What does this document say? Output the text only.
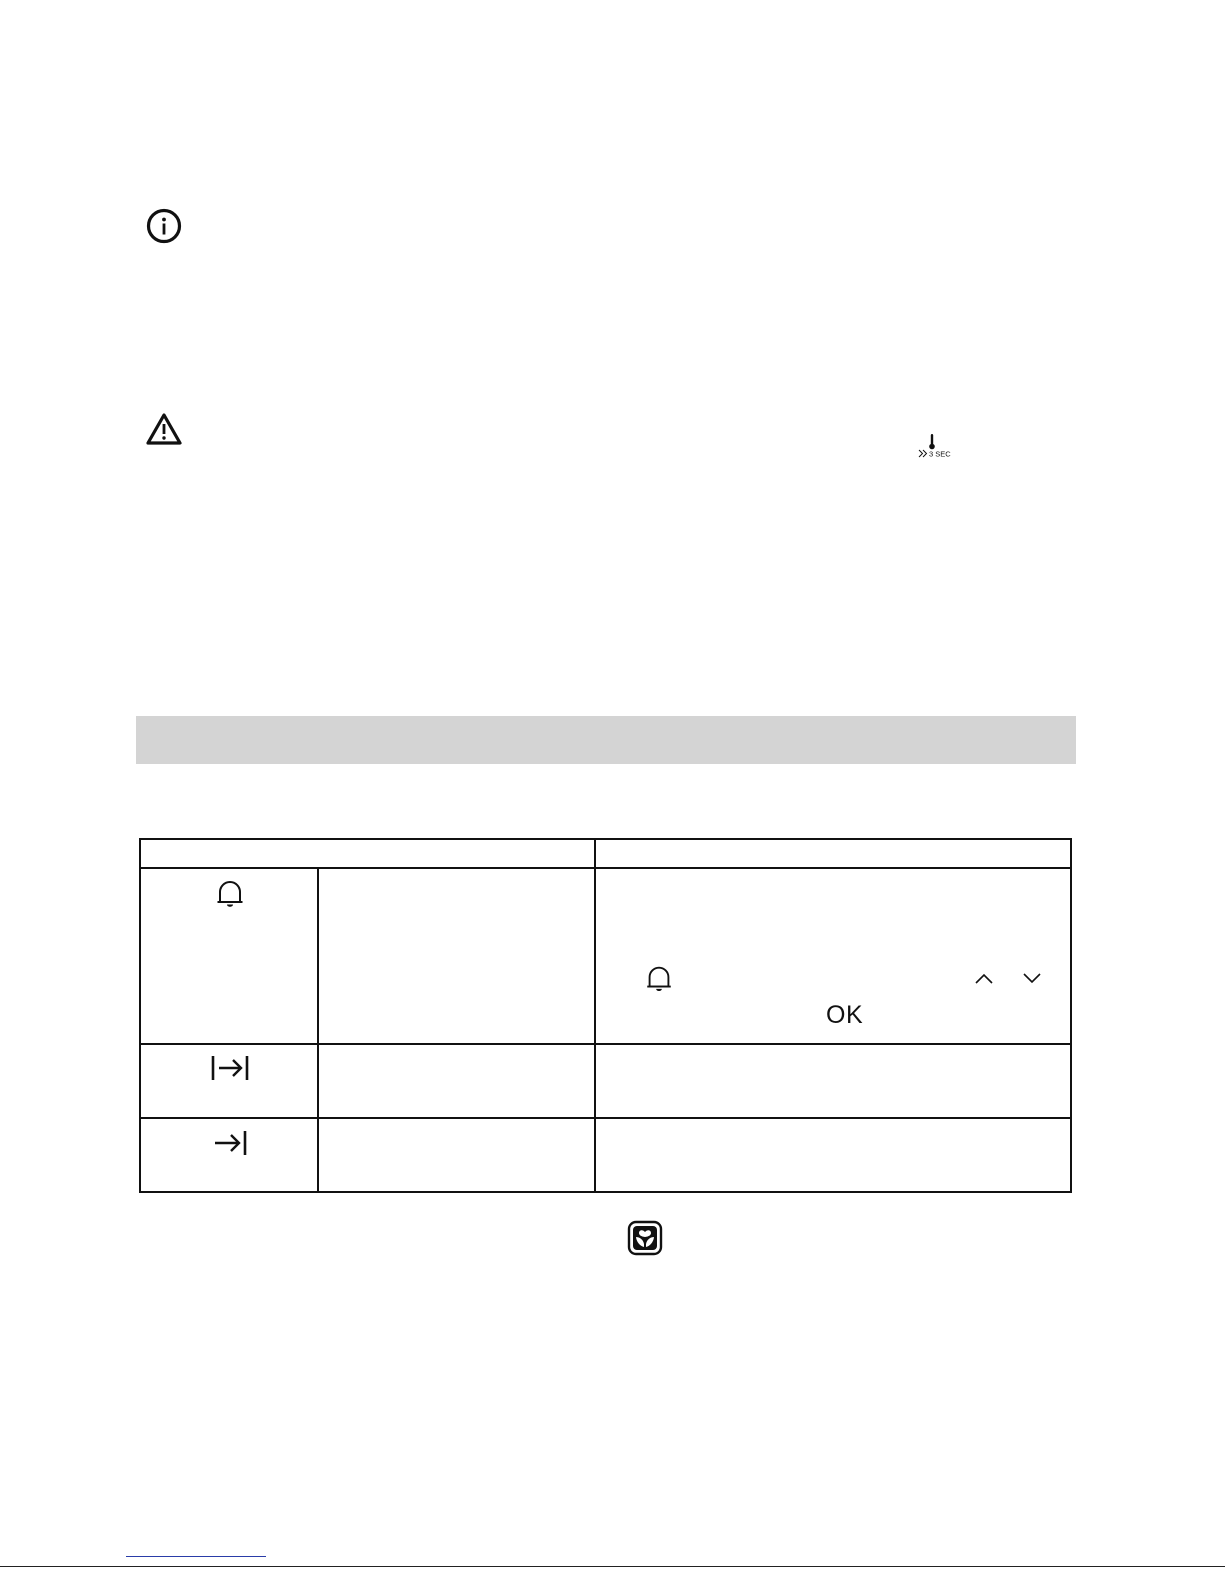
3 SEC
OK
